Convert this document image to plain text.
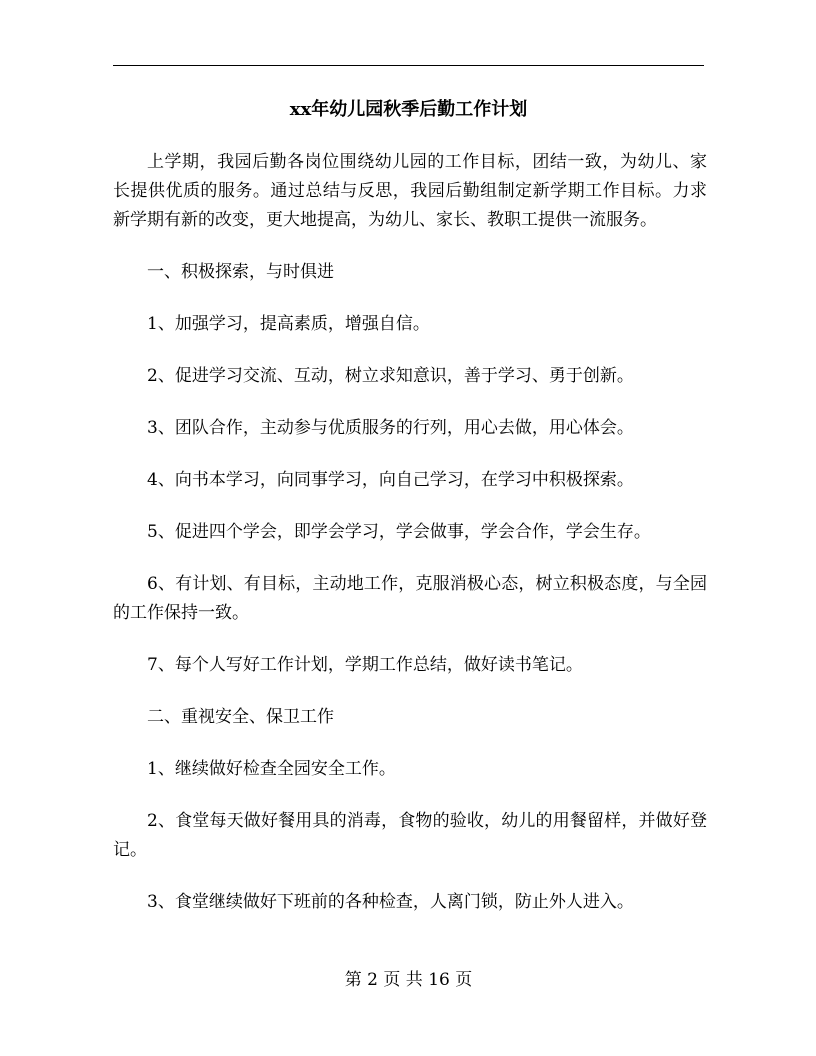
xx年幼儿园秋季后勤工作计划

上学期，我园后勤各岗位围绕幼儿园的工作目标，团结一致，为幼儿、家长提供优质的服务。通过总结与反思，我园后勤组制定新学期工作目标。力求新学期有新的改变，更大地提高，为幼儿、家长、教职工提供一流服务。

一、积极探索，与时俱进

1、加强学习，提高素质，增强自信。

2、促进学习交流、互动，树立求知意识，善于学习、勇于创新。

3、团队合作，主动参与优质服务的行列，用心去做，用心体会。

4、向书本学习，向同事学习，向自己学习，在学习中积极探索。

5、促进四个学会，即学会学习，学会做事，学会合作，学会生存。

6、有计划、有目标，主动地工作，克服消极心态，树立积极态度，与全园的工作保持一致。

7、每个人写好工作计划，学期工作总结，做好读书笔记。

二、重视安全、保卫工作

1、继续做好检查全园安全工作。

2、食堂每天做好餐用具的消毒，食物的验收，幼儿的用餐留样，并做好登记。

3、食堂继续做好下班前的各种检查，人离门锁，防止外人进入。

第 2 页 共 16 页
